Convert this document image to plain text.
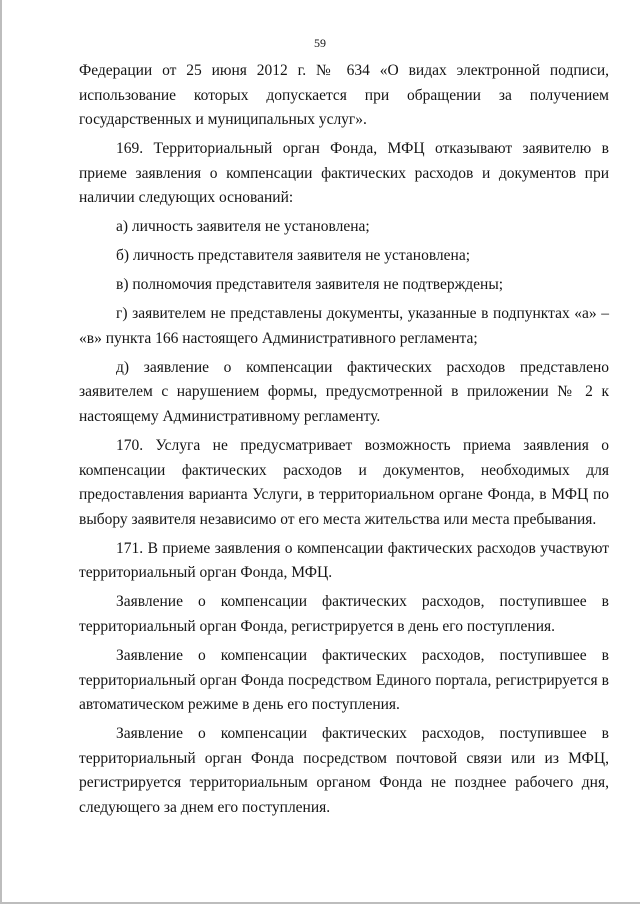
59

Федерации от 25 июня 2012 г. № 634 «О видах электронной подписи, использование которых допускается при обращении за получением государственных и муниципальных услуг».

169. Территориальный орган Фонда, МФЦ отказывают заявителю в приеме заявления о компенсации фактических расходов и документов при наличии следующих оснований:

а) личность заявителя не установлена;

б) личность представителя заявителя не установлена;

в) полномочия представителя заявителя не подтверждены;

г) заявителем не представлены документы, указанные в подпунктах «а» – «в» пункта 166 настоящего Административного регламента;

д) заявление о компенсации фактических расходов представлено заявителем с нарушением формы, предусмотренной в приложении № 2 к настоящему Административному регламенту.

170. Услуга не предусматривает возможность приема заявления о компенсации фактических расходов и документов, необходимых для предоставления варианта Услуги, в территориальном органе Фонда, в МФЦ по выбору заявителя независимо от его места жительства или места пребывания.

171. В приеме заявления о компенсации фактических расходов участвуют территориальный орган Фонда, МФЦ.

Заявление о компенсации фактических расходов, поступившее в территориальный орган Фонда, регистрируется в день его поступления.

Заявление о компенсации фактических расходов, поступившее в территориальный орган Фонда посредством Единого портала, регистрируется в автоматическом режиме в день его поступления.

Заявление о компенсации фактических расходов, поступившее в территориальный орган Фонда посредством почтовой связи или из МФЦ, регистрируется территориальным органом Фонда не позднее рабочего дня, следующего за днем его поступления.
